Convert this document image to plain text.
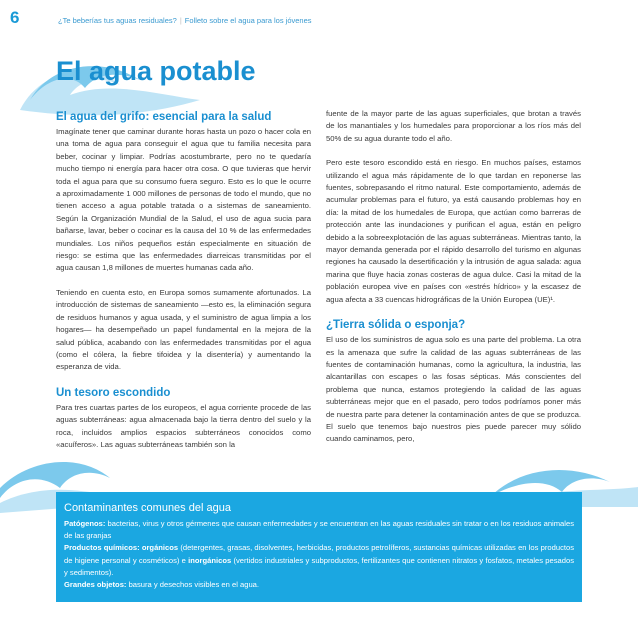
6	¿Te beberías tus aguas residuales? | Folleto sobre el agua para los jóvenes
El agua potable
El agua del grifo: esencial para la salud

Imagínate tener que caminar durante horas hasta un pozo o hacer cola en una toma de agua para conseguir el agua que tu familia necesita para beber, cocinar y limpiar. Podrías acostumbrarte, pero no te quedaría mucho tiempo ni energía para hacer otra cosa. O que tuvieras que hervir toda el agua para que su consumo fuera seguro. Esto es lo que le ocurre a aproximadamente 1 000 millones de personas de todo el mundo, que no tienen acceso a agua potable tratada o a sistemas de saneamiento. Según la Organización Mundial de la Salud, el uso de agua sucia para bañarse, lavar, beber o cocinar es la causa del 10 % de las enfermedades mundiales. Los niños pequeños están especialmente en situación de riesgo: se estima que las enfermedades diarreicas transmitidas por el agua causan 1,8 millones de muertes humanas cada año.

Teniendo en cuenta esto, en Europa somos sumamente afortunados. La introducción de sistemas de saneamiento —esto es, la eliminación segura de residuos humanos y agua usada, y el suministro de agua limpia a los hogares— ha desempeñado un papel fundamental en la mejora de la salud pública, acabando con las enfermedades transmitidas por el agua (como el cólera, la fiebre tifoidea y la disentería) y aumentando la esperanza de vida.

Un tesoro escondido

Para tres cuartas partes de los europeos, el agua corriente procede de las aguas subterráneas: agua almacenada bajo la tierra dentro del suelo y la roca, incluidos amplios espacios subterráneos conocidos como «acuíferos». Las aguas subterráneas también son la

fuente de la mayor parte de las aguas superficiales, que brotan a través de los manantiales y los humedales para proporcionar a los ríos más del 50% de su agua durante todo el año.

Pero este tesoro escondido está en riesgo. En muchos países, estamos utilizando el agua más rápidamente de lo que tardan en reponerse las fuentes, sobrepasando el ritmo natural. Este comportamiento, además de acumular problemas para el futuro, ya está causando problemas hoy en día: la mitad de los humedales de Europa, que actúan como barreras de protección ante las inundaciones y purifican el agua, están en peligro debido a la sobreexplotación de las aguas subterráneas. Mientras tanto, la mayor demanda generada por el rápido desarrollo del turismo en algunas regiones ha causado la desertificación y la intrusión de agua salada: agua marina que fluye hacia zonas costeras de agua dulce. Casi la mitad de la población europea vive en países con «estrés hídrico» y la escasez de agua afecta a 33 cuencas hidrográficas de la Unión Europea (UE)¹.

¿Tierra sólida o esponja?

El uso de los suministros de agua solo es una parte del problema. La otra es la amenaza que sufre la calidad de las aguas subterráneas de las fuentes de contaminación humanas, como la agricultura, la industria, las alcantarillas con escapes o las fosas sépticas. Más conscientes del problema que nunca, estamos protegiendo la calidad de las aguas subterráneas mejor que en el pasado, pero todos podríamos poner más de nuestra parte para detener la contaminación antes de que se produzca. El suelo que tenemos bajo nuestros pies puede parecer muy sólido cuando caminamos, pero,

Contaminantes comunes del agua

Patógenos: bacterias, virus y otros gérmenes que causan enfermedades y se encuentran en las aguas residuales sin tratar o en los residuos animales de las granjas

Productos químicos: orgánicos (detergentes, grasas, disolventes, herbicidas, productos petrolíferos, sustancias químicas utilizadas en los productos de higiene personal y cosméticos) e inorgánicos (vertidos industriales y subproductos, fertilizantes que contienen nitratos y fosfatos, metales pesados y sedimentos).

Grandes objetos: basura y desechos visibles en el agua.
